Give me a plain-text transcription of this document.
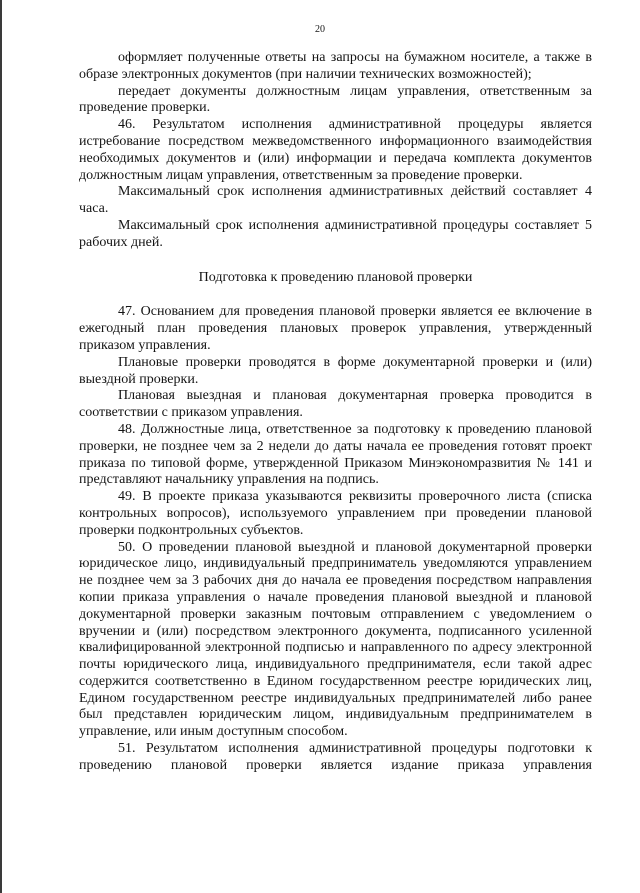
20

оформляет полученные ответы на запросы на бумажном носителе, а также в образе электронных документов (при наличии технических возможностей);

передает документы должностным лицам управления, ответственным за проведение проверки.

46. Результатом исполнения административной процедуры является истребование посредством межведомственного информационного взаимодействия необходимых документов и (или) информации и передача комплекта документов должностным лицам управления, ответственным за проведение проверки.

Максимальный срок исполнения административных действий составляет 4 часа.

Максимальный срок исполнения административной процедуры составляет 5 рабочих дней.

Подготовка к проведению плановой проверки

47. Основанием для проведения плановой проверки является ее включение в ежегодный план проведения плановых проверок управления, утвержденный приказом управления.

Плановые проверки проводятся в форме документарной проверки и (или) выездной проверки.

Плановая выездная и плановая документарная проверка проводится в соответствии с приказом управления.

48. Должностные лица, ответственное за подготовку к проведению плановой проверки, не позднее чем за 2 недели до даты начала ее проведения готовят проект приказа по типовой форме, утвержденной Приказом Минэкономразвития № 141 и представляют начальнику управления на подпись.

49. В проекте приказа указываются реквизиты проверочного листа (списка контрольных вопросов), используемого управлением при проведении плановой проверки подконтрольных субъектов.

50. О проведении плановой выездной и плановой документарной проверки юридическое лицо, индивидуальный предприниматель уведомляются управлением не позднее чем за 3 рабочих дня до начала ее проведения посредством направления копии приказа управления о начале проведения плановой выездной и плановой документарной проверки заказным почтовым отправлением с уведомлением о вручении и (или) посредством электронного документа, подписанного усиленной квалифицированной электронной подписью и направленного по адресу электронной почты юридического лица, индивидуального предпринимателя, если такой адрес содержится соответственно в Едином государственном реестре юридических лиц, Едином государственном реестре индивидуальных предпринимателей либо ранее был представлен юридическим лицом, индивидуальным предпринимателем в управление, или иным доступным способом.

51. Результатом исполнения административной процедуры подготовки к проведению плановой проверки является издание приказа управления
